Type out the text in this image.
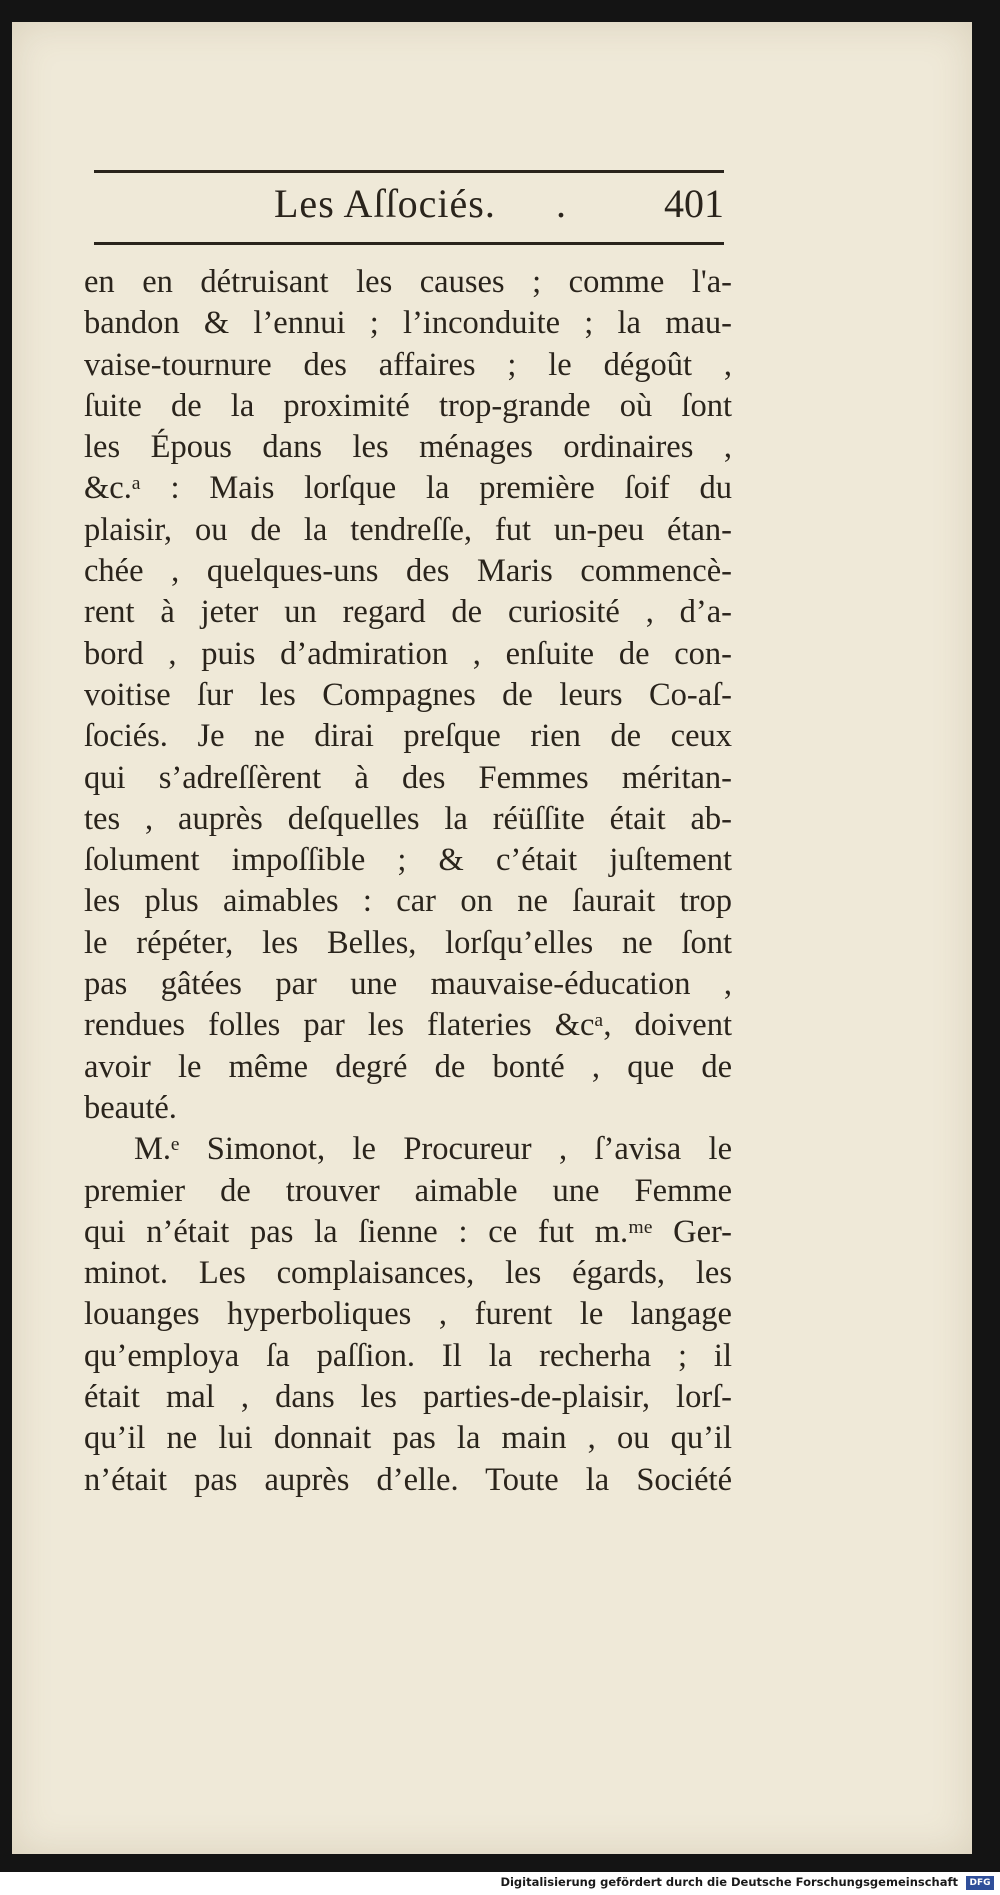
Les Aſſociés. . 401
en en détruisant les causes ; comme l'a-
bandon & l’ennui ; l’inconduite ; la mau-
vaise-tournure des affaires ; le dégoût ,
ſuite de la proximité trop-grande où ſont
les Épous dans les ménages ordinaires ,
&c.ᵃ : Mais lorſque la première ſoif du
plaisir, ou de la tendreſſe, fut un-peu étan-
chée , quelques-uns des Maris commencè-
rent à jeter un regard de curiosité , d’a-
bord , puis d’admiration , enſuite de con-
voitise ſur les Compagnes de leurs Co-aſ-
ſociés. Je ne dirai preſque rien de ceux
qui s’adreſſèrent à des Femmes méritan-
tes , auprès deſquelles la réüſſite était ab-
ſolument impoſſible ; & c’était juſtement
les plus aimables : car on ne ſaurait trop
le répéter, les Belles, lorſqu’elles ne ſont
pas gâtées par une mauvaise-éducation ,
rendues folles par les flateries &cᵃ, doivent
avoir le même degré de bonté , que de
beauté.
M.ᵉ Simonot, le Procureur , ſ’avisa le
premier de trouver aimable une Femme
qui n’était pas la ſienne : ce fut m.ᵐᵉ Ger-
minot. Les complaisances, les égards, les
louanges hyperboliques , furent le langage
qu’employa ſa paſſion. Il la recherha ; il
était mal , dans les parties-de-plaisir, lorſ-
qu’il ne lui donnait pas la main , ou qu’il
n’était pas auprès d’elle. Toute la Société
Digitalisierung gefördert durch die Deutsche Forschungsgemeinschaft	DFG
